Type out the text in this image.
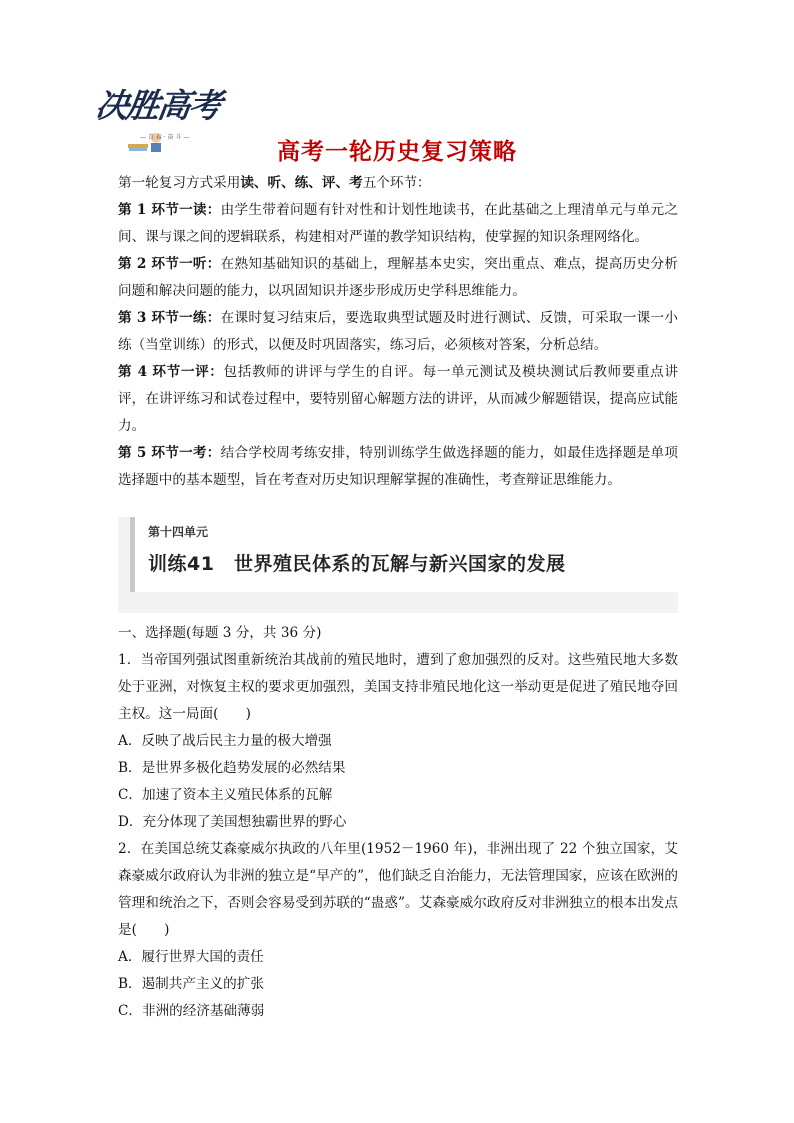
决胜高考
— 青 春 · 奋 斗 —
高考一轮历史复习策略

第一轮复习方式采用读、听、练、评、考五个环节：

第 1 环节一读：由学生带着问题有针对性和计划性地读书，在此基础之上理清单元与单元之间、课与课之间的逻辑联系，构建相对严谨的教学知识结构，使掌握的知识条理网络化。

第 2 环节一听：在熟知基础知识的基础上，理解基本史实，突出重点、难点，提高历史分析问题和解决问题的能力，以巩固知识并逐步形成历史学科思维能力。

第 3 环节一练：在课时复习结束后，要选取典型试题及时进行测试、反馈，可采取一课一小练（当堂训练）的形式，以便及时巩固落实，练习后，必须核对答案，分析总结。

第 4 环节一评：包括教师的讲评与学生的自评。每一单元测试及模块测试后教师要重点讲评，在讲评练习和试卷过程中，要特别留心解题方法的讲评，从而减少解题错误，提高应试能力。

第 5 环节一考：结合学校周考练安排，特别训练学生做选择题的能力，如最佳选择题是单项选择题中的基本题型，旨在考查对历史知识理解掌握的准确性，考查辩证思维能力。

第十四单元
训练41　世界殖民体系的瓦解与新兴国家的发展

一、选择题(每题 3 分，共 36 分)

1．当帝国列强试图重新统治其战前的殖民地时，遭到了愈加强烈的反对。这些殖民地大多数处于亚洲，对恢复主权的要求更加强烈，美国支持非殖民地化这一举动更是促进了殖民地夺回主权。这一局面(　　)

A．反映了战后民主力量的极大增强

B．是世界多极化趋势发展的必然结果

C．加速了资本主义殖民体系的瓦解

D．充分体现了美国想独霸世界的野心

2．在美国总统艾森豪威尔执政的八年里(1952－1960 年)，非洲出现了 22 个独立国家，艾森豪威尔政府认为非洲的独立是“早产的”，他们缺乏自治能力，无法管理国家，应该在欧洲的管理和统治之下，否则会容易受到苏联的“蛊惑”。艾森豪威尔政府反对非洲独立的根本出发点是(　　)

A．履行世界大国的责任

B．遏制共产主义的扩张

C．非洲的经济基础薄弱
